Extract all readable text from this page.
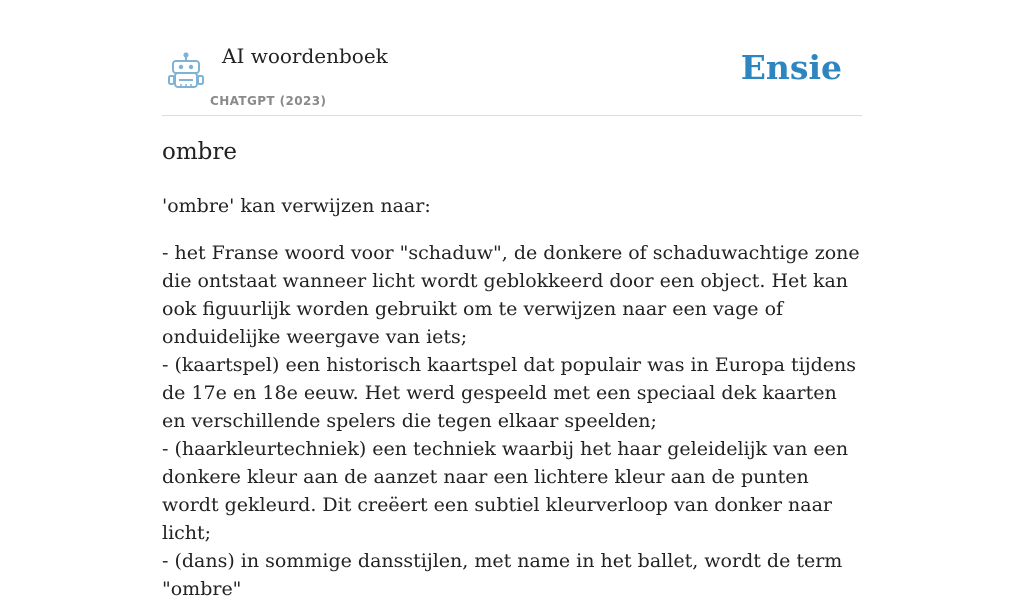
AI woordenboek
CHATGPT (2023)
Ensie
ombre

'ombre' kan verwijzen naar:

- het Franse woord voor "schaduw", de donkere of schaduwachtige zone die ontstaat wanneer licht wordt geblokkeerd door een object. Het kan ook figuurlijk worden gebruikt om te verwijzen naar een vage of onduidelijke weergave van iets;

- (kaartspel) een historisch kaartspel dat populair was in Europa tijdens de 17e en 18e eeuw. Het werd gespeeld met een speciaal dek kaarten en verschillende spelers die tegen elkaar speelden;

- (haarkleurtechniek) een techniek waarbij het haar geleidelijk van een donkere kleur aan de aanzet naar een lichtere kleur aan de punten wordt gekleurd. Dit creëert een subtiel kleurverloop van donker naar licht;

- (dans) in sommige dansstijlen, met name in het ballet, wordt de term "ombre"
